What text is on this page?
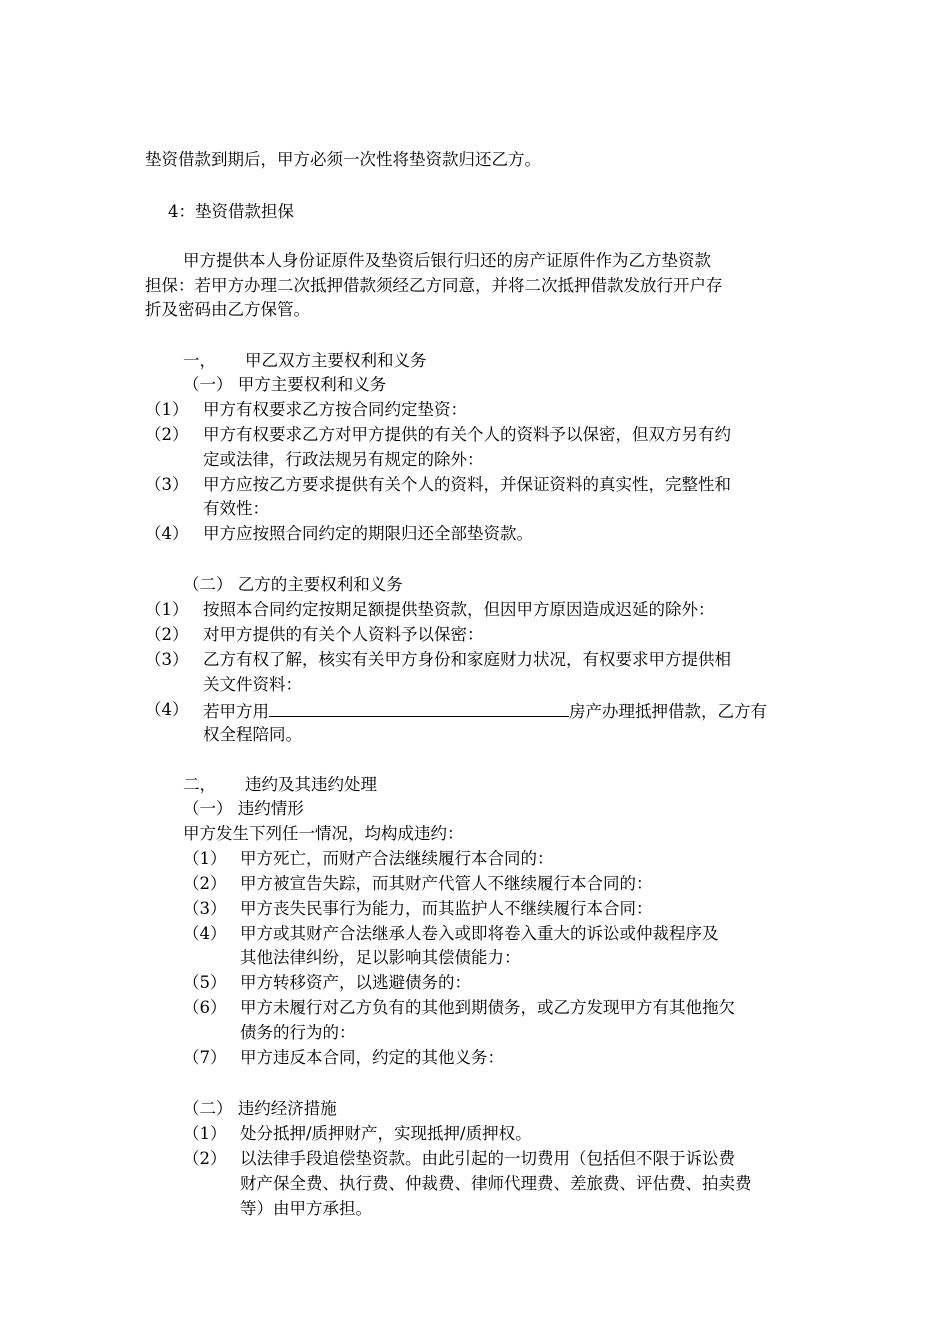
垫资借款到期后，甲方必须一次性将垫资款归还乙方。
4：垫资借款担保
甲方提供本人身份证原件及垫资后银行归还的房产证原件作为乙方垫资款
担保：若甲方办理二次抵押借款须经乙方同意，并将二次抵押借款发放行开户存
折及密码由乙方保管。
一， 甲乙双方主要权利和义务
（一） 甲方主要权利和义务
（1） 甲方有权要求乙方按合同约定垫资：
（2） 甲方有权要求乙方对甲方提供的有关个人的资料予以保密，但双方另有约
定或法律，行政法规另有规定的除外：
（3） 甲方应按乙方要求提供有关个人的资料，并保证资料的真实性，完整性和
有效性：
（4） 甲方应按照合同约定的期限归还全部垫资款。
（二） 乙方的主要权利和义务
（1） 按照本合同约定按期足额提供垫资款，但因甲方原因造成迟延的除外：
（2） 对甲方提供的有关个人资料予以保密：
（3） 乙方有权了解，核实有关甲方身份和家庭财力状况，有权要求甲方提供相
关文件资料：
（4） 若甲方用	房产办理抵押借款，乙方有
权全程陪同。
二， 违约及其违约处理
（一） 违约情形
甲方发生下列任一情况，均构成违约：
（1） 甲方死亡，而财产合法继续履行本合同的：
（2） 甲方被宣告失踪，而其财产代管人不继续履行本合同的：
（3） 甲方丧失民事行为能力，而其监护人不继续履行本合同：
（4） 甲方或其财产合法继承人卷入或即将卷入重大的诉讼或仲裁程序及
其他法律纠纷，足以影响其偿债能力：
（5） 甲方转移资产，以逃避债务的：
（6） 甲方未履行对乙方负有的其他到期债务，或乙方发现甲方有其他拖欠
债务的行为的：
（7） 甲方违反本合同，约定的其他义务：
（二） 违约经济措施
（1） 处分抵押/质押财产，实现抵押/质押权。
（2） 以法律手段追偿垫资款。由此引起的一切费用（包括但不限于诉讼费
财产保全费、执行费、仲裁费、律师代理费、差旅费、评估费、拍卖费
等）由甲方承担。
